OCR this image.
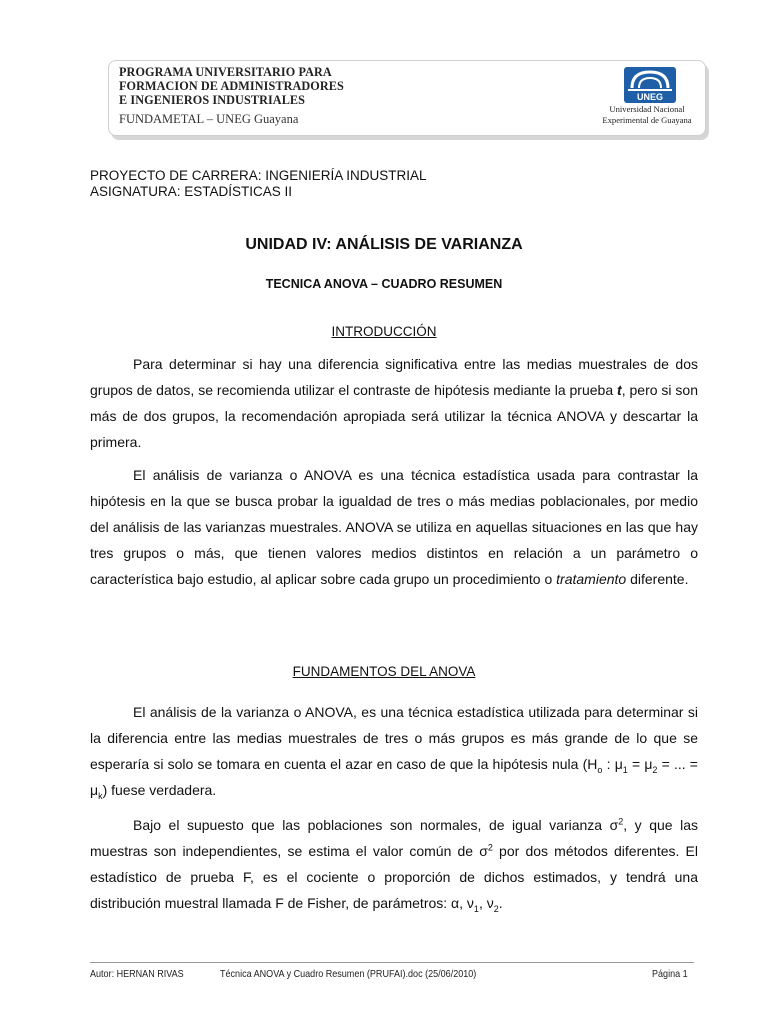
PROGRAMA UNIVERSITARIO PARA
FORMACION DE ADMINISTRADORES
E INGENIEROS INDUSTRIALES
FUNDAMETAL – UNEG Guayana
UNEG
Universidad Nacional
Experimental de Guayana
PROYECTO DE CARRERA: INGENIERÍA INDUSTRIAL
ASIGNATURA: ESTADÍSTICAS II
UNIDAD IV: ANÁLISIS DE VARIANZA
TECNICA ANOVA – CUADRO RESUMEN
INTRODUCCIÓN
Para determinar si hay una diferencia significativa entre las medias muestrales de dos grupos de datos, se recomienda utilizar el contraste de hipótesis mediante la prueba t, pero si son más de dos grupos, la recomendación apropiada será utilizar la técnica ANOVA y descartar la primera.
El análisis de varianza o ANOVA es una técnica estadística usada para contrastar la hipótesis en la que se busca probar la igualdad de tres o más medias poblacionales, por medio del análisis de las varianzas muestrales. ANOVA se utiliza en aquellas situaciones en las que hay tres grupos o más, que tienen valores medios distintos en relación a un parámetro o característica bajo estudio, al aplicar sobre cada grupo un procedimiento o tratamiento diferente.
FUNDAMENTOS DEL ANOVA
El análisis de la varianza o ANOVA, es una técnica estadística utilizada para determinar si la diferencia entre las medias muestrales de tres o más grupos es más grande de lo que se esperaría si solo se tomara en cuenta el azar en caso de que la hipótesis nula ($H_o$ : $\mu_1 = \mu_2$ = ... = $\mu_k$) fuese verdadera.
Bajo el supuesto que las poblaciones son normales, de igual varianza $\sigma^2$, y que las muestras son independientes, se estima el valor común de $\sigma^2$ por dos métodos diferentes. El estadístico de prueba F, es el cociente o proporción de dichos estimados, y tendrá una distribución muestral llamada F de Fisher, de parámetros: α, $\nu_1$, $\nu_2$.
Autor: HERNAN RIVAS	Técnica ANOVA y Cuadro Resumen (PRUFAI).doc (25/06/2010)	Página 1
